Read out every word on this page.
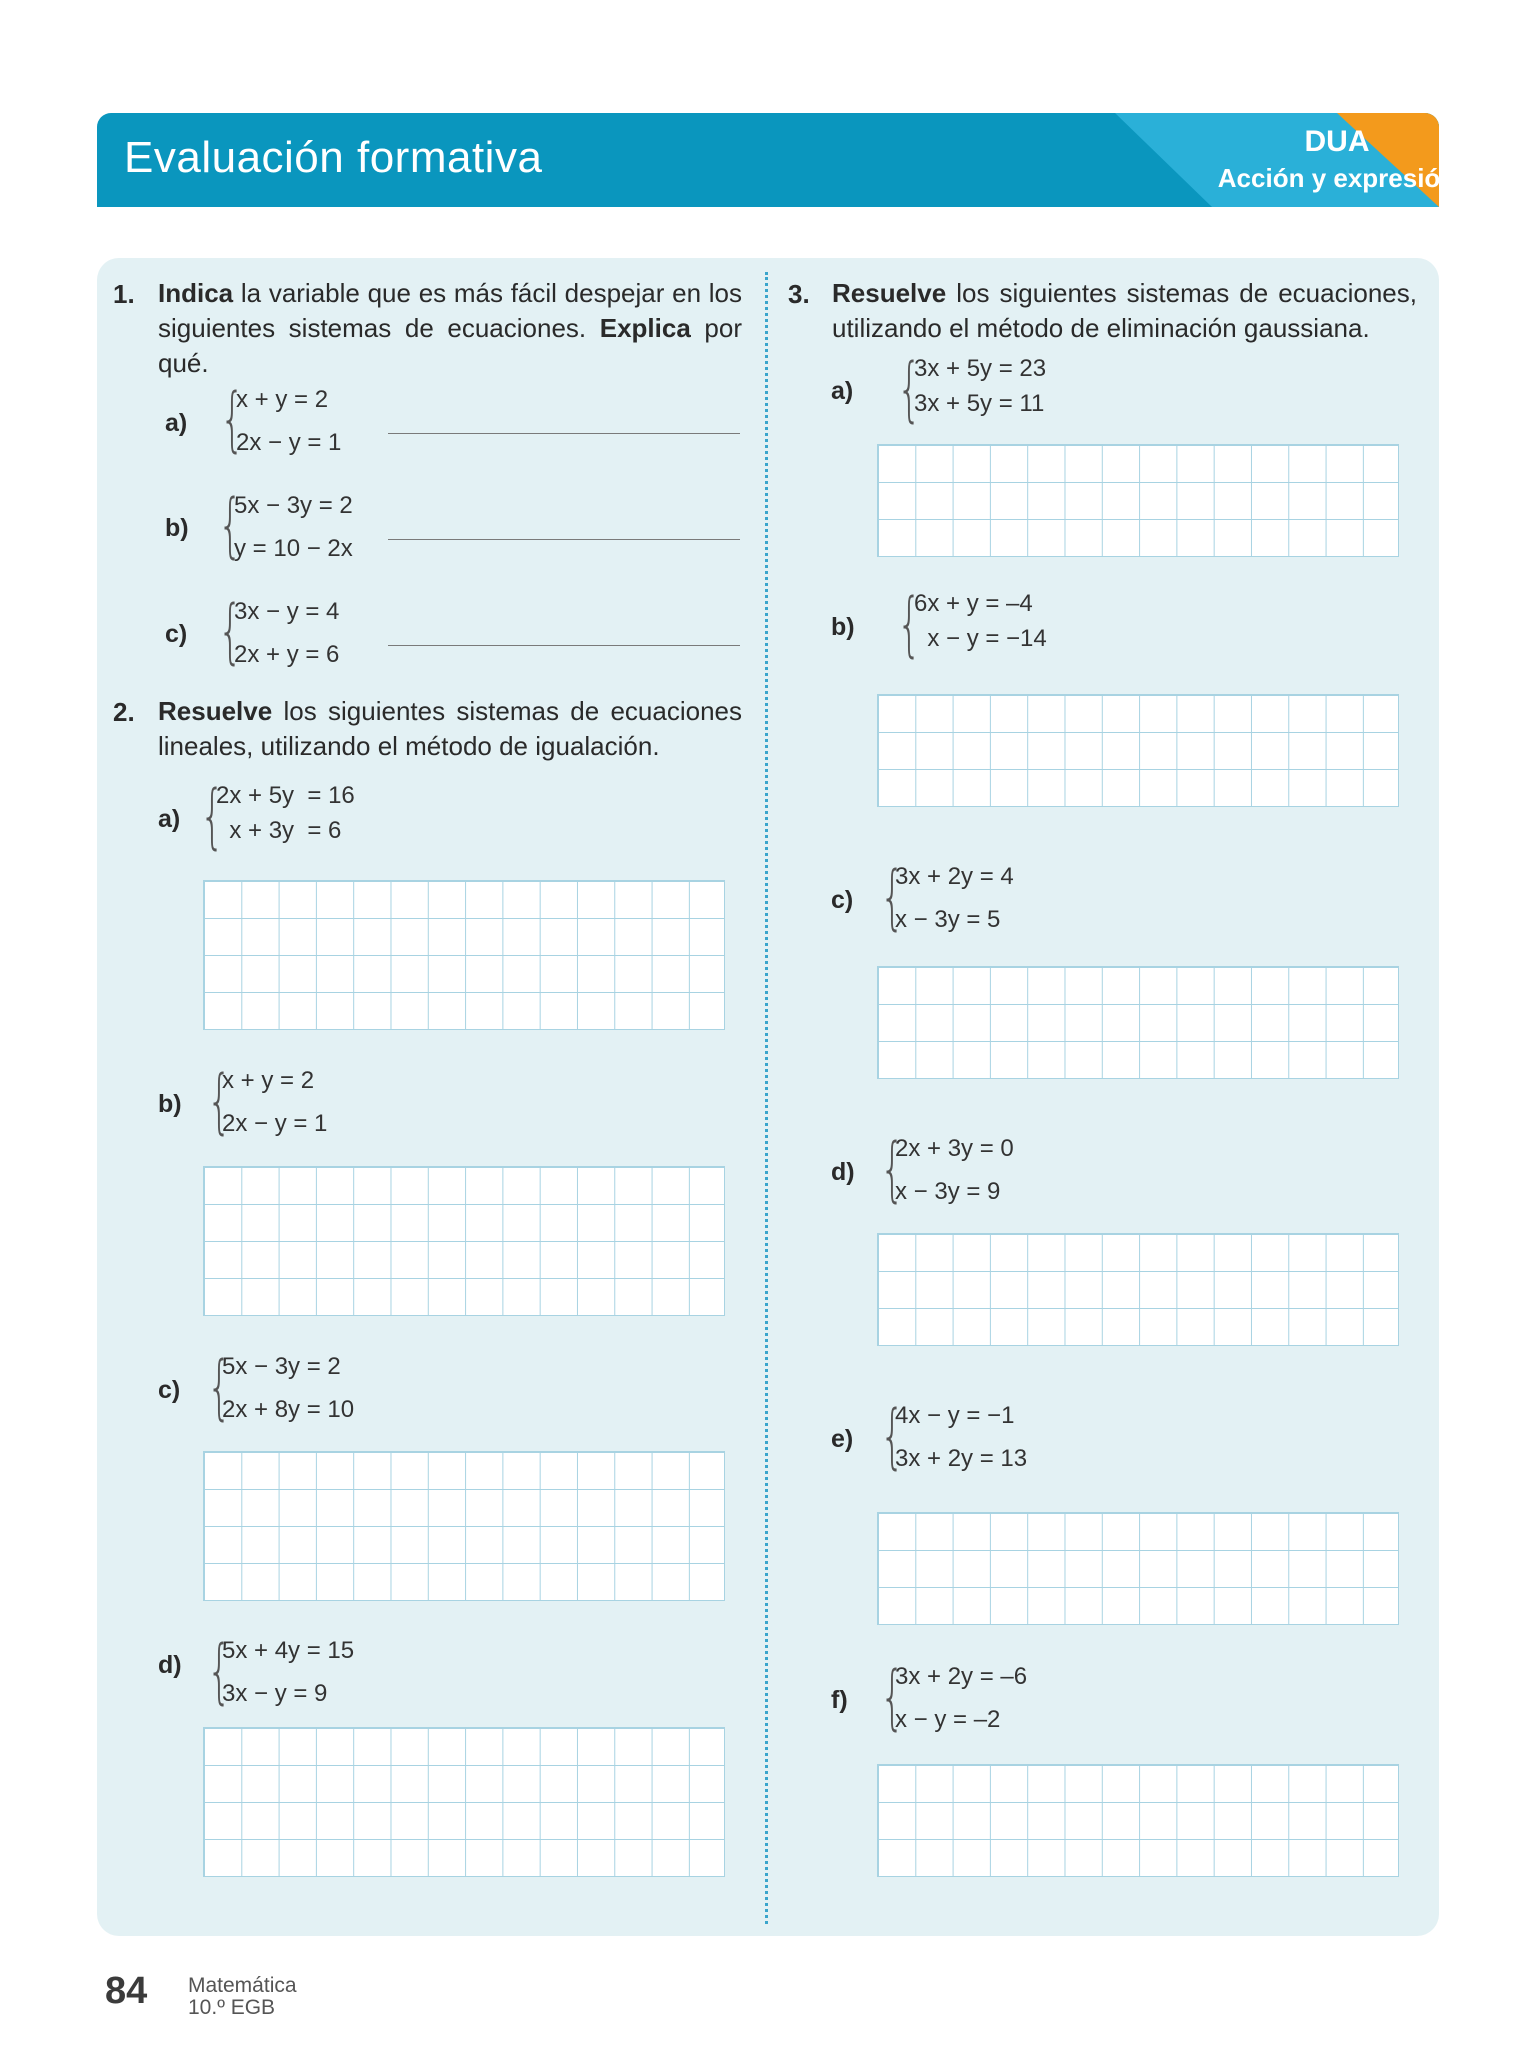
Evaluación formativa	DUA
Acción y expresión
1. Indica la variable que es más fácil despejar en los siguientes sistemas de ecuaciones. Explica por qué.
a) {
x + y = 2
2x − y = 1
b) {
5x − 3y = 2
y = 10 − 2x
c) {
3x − y = 4
2x + y = 6
2. Resuelve los siguientes sistemas de ecuaciones lineales, utilizando el método de igualación.
a) {
2x + 5y  = 16
x + 3y  = 6
b) {
x + y = 2
2x − y = 1
c) {
5x − 3y = 2
2x + 8y = 10
d) {
5x + 4y = 15
3x − y = 9
3. Resuelve los siguientes sistemas de ecuaciones, utilizando el método de eliminación gaussiana.
a) {
3x + 5y = 23
3x + 5y = 11
b) {
6x + y = –4
x − y = −14
c) {
3x + 2y = 4
x − 3y = 5
d) {
2x + 3y = 0
x − 3y = 9
e) {
4x − y = −1
3x + 2y = 13
f) {
3x + 2y = –6
x − y = –2
84 Matemática
10.º EGB
